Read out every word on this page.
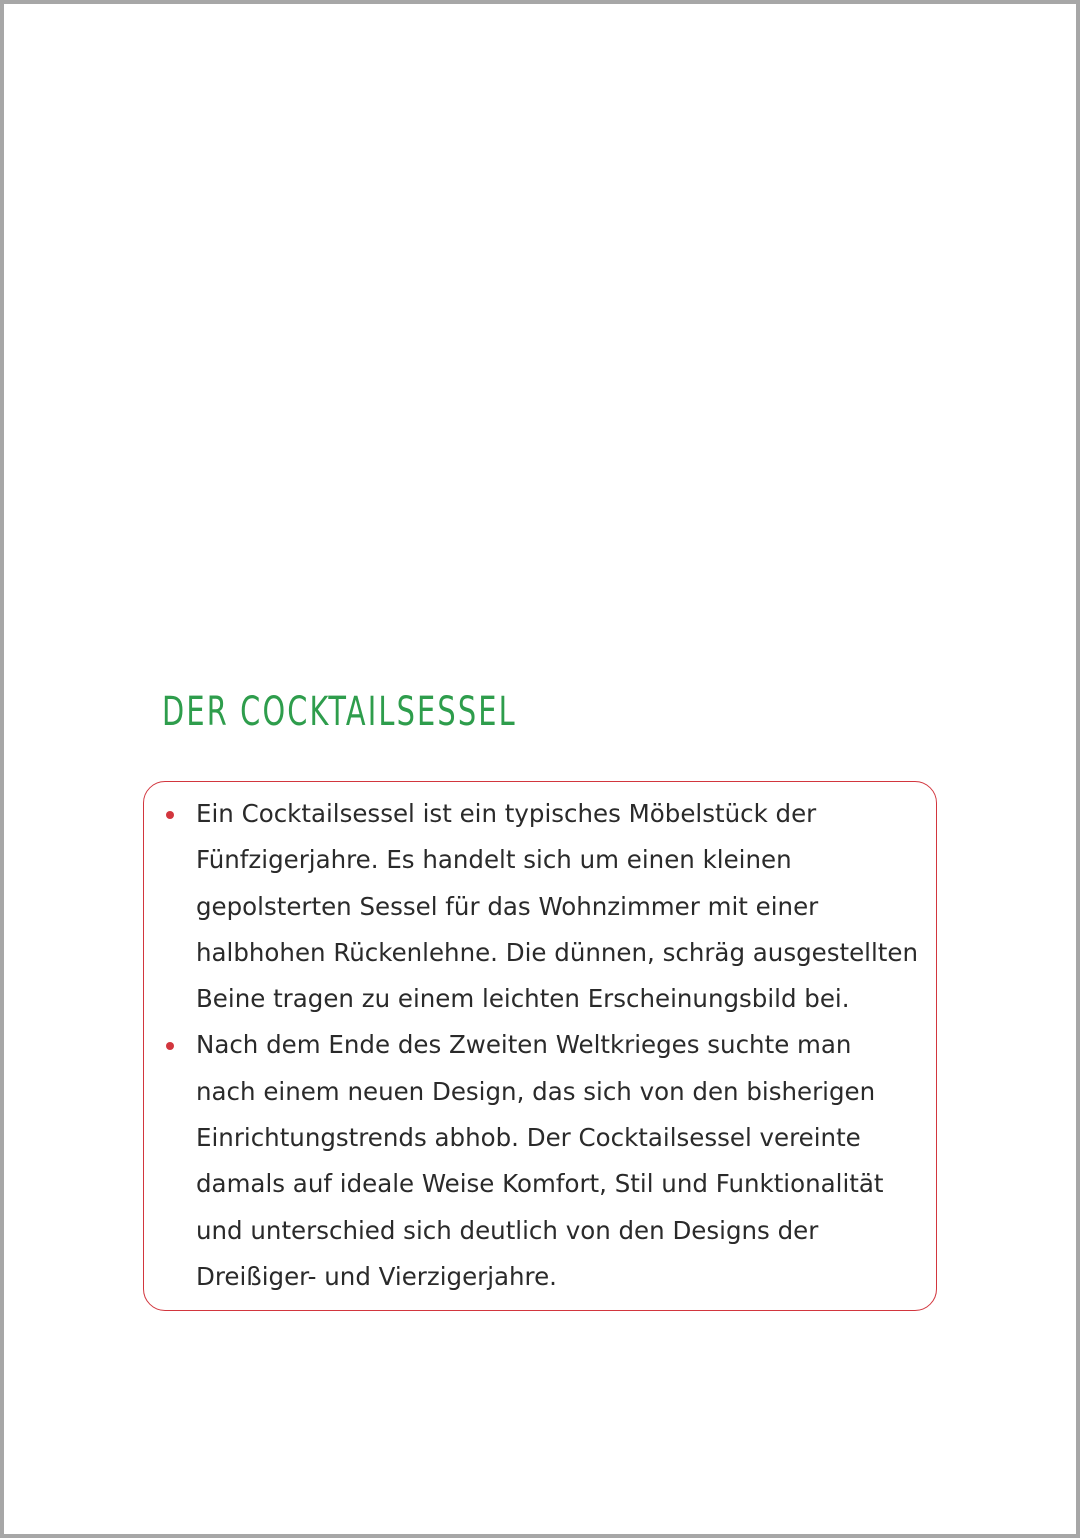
DER COCKTAILSESSEL
Ein Cocktailsessel ist ein typisches Möbelstück der
Fünfzigerjahre. Es handelt sich um einen kleinen
gepolsterten Sessel für das Wohnzimmer mit einer
halbhohen Rückenlehne. Die dünnen, schräg ausgestellten
Beine tragen zu einem leichten Erscheinungsbild bei.
Nach dem Ende des Zweiten Weltkrieges suchte man
nach einem neuen Design, das sich von den bisherigen
Einrichtungstrends abhob. Der Cocktailsessel vereinte
damals auf ideale Weise Komfort, Stil und Funktionalität
und unterschied sich deutlich von den Designs der
Dreißiger- und Vierzigerjahre.
